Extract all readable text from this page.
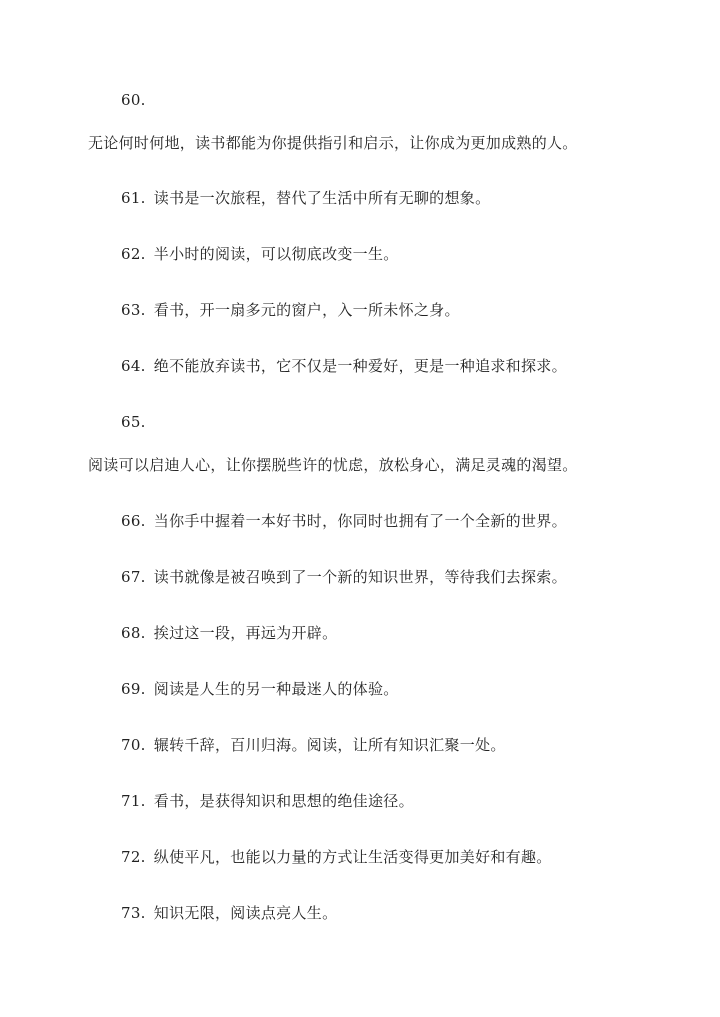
60.
无论何时何地，读书都能为你提供指引和启示，让你成为更加成熟的人。
61. 读书是一次旅程，替代了生活中所有无聊的想象。
62. 半小时的阅读，可以彻底改变一生。
63. 看书，开一扇多元的窗户，入一所未怀之身。
64. 绝不能放弃读书，它不仅是一种爱好，更是一种追求和探求。
65.
阅读可以启迪人心，让你摆脱些许的忧虑，放松身心，满足灵魂的渴望。
66. 当你手中握着一本好书时，你同时也拥有了一个全新的世界。
67. 读书就像是被召唤到了一个新的知识世界，等待我们去探索。
68. 挨过这一段，再远为开辟。
69. 阅读是人生的另一种最迷人的体验。
70. 辗转千辞，百川归海。阅读，让所有知识汇聚一处。
71. 看书，是获得知识和思想的绝佳途径。
72. 纵使平凡，也能以力量的方式让生活变得更加美好和有趣。
73. 知识无限，阅读点亮人生。
